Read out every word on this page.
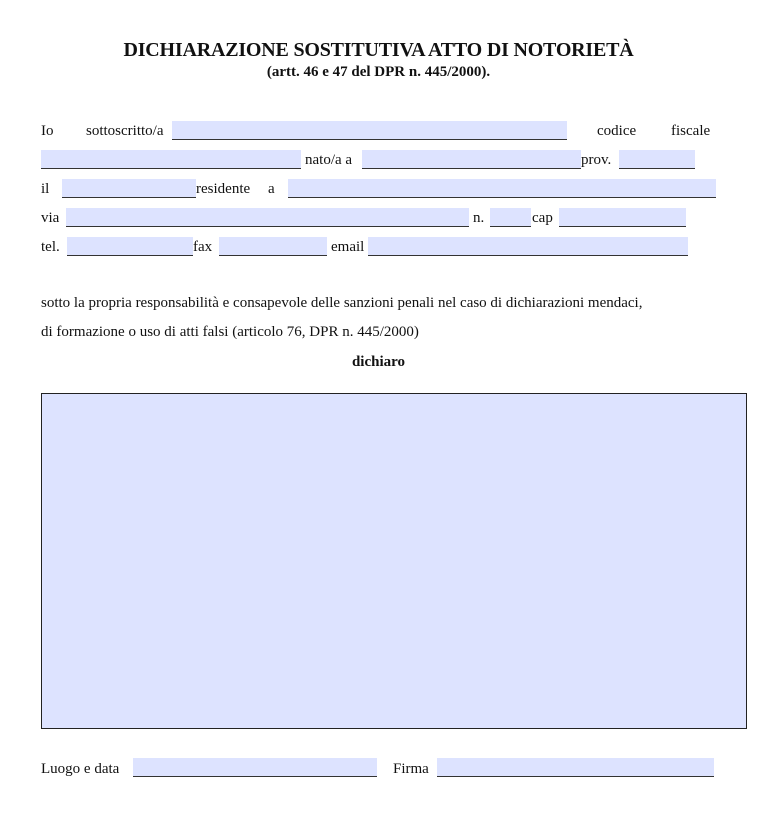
DICHIARAZIONE SOSTITUTIVA ATTO DI NOTORIETÀ
(artt. 46 e 47 del DPR n. 445/2000).
Io sottoscritto/a	codice fiscale
nato/a a	prov.
il	residente a
via	n.	cap
tel.	fax	email
sotto la propria responsabilità e consapevole delle sanzioni penali nel caso di dichiarazioni mendaci,
di formazione o uso di atti falsi (articolo 76, DPR n. 445/2000)
dichiaro
Luogo e data	Firma
